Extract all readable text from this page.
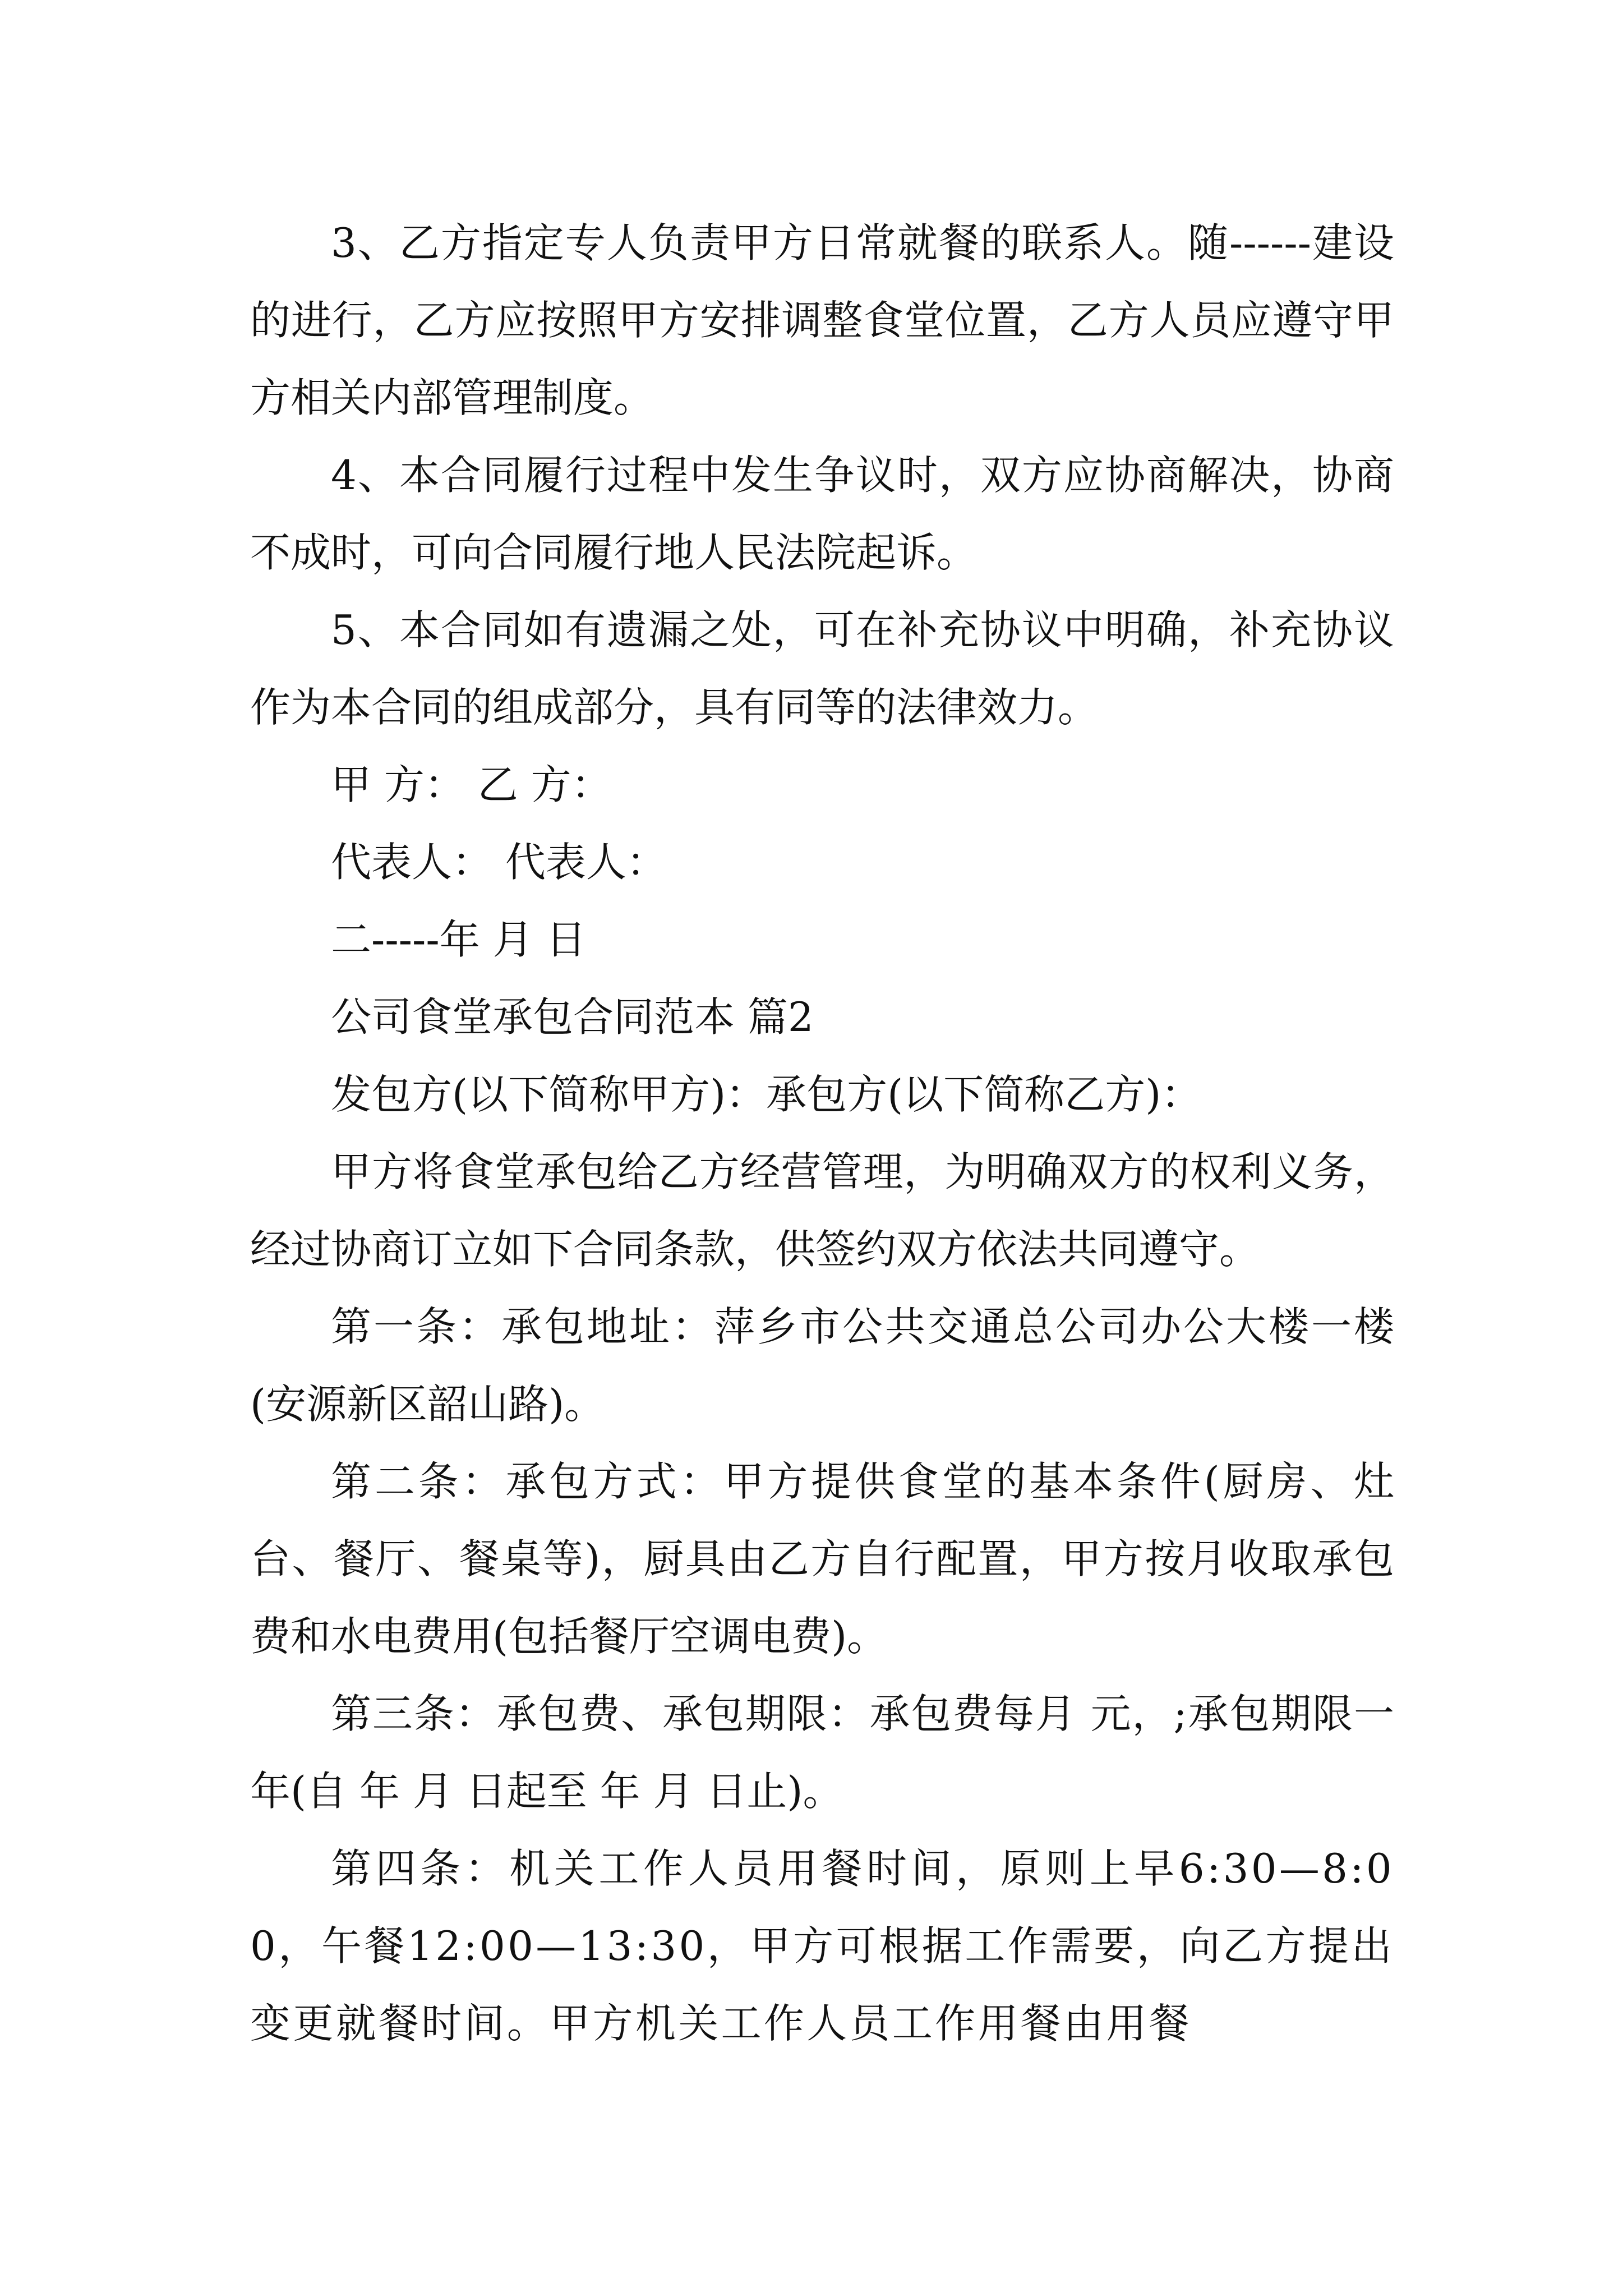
3、乙方指定专人负责甲方日常就餐的联系人。随------建设的进行，乙方应按照甲方安排调整食堂位置，乙方人员应遵守甲方相关内部管理制度。

4、本合同履行过程中发生争议时，双方应协商解决，协商不成时，可向合同履行地人民法院起诉。

5、本合同如有遗漏之处，可在补充协议中明确，补充协议作为本合同的组成部分，具有同等的法律效力。

甲 方： 乙 方：

代表人： 代表人：

二-----年 月 日

公司食堂承包合同范本 篇2

发包方(以下简称甲方)：承包方(以下简称乙方)：

甲方将食堂承包给乙方经营管理，为明确双方的权利义务，经过协商订立如下合同条款，供签约双方依法共同遵守。

第一条：承包地址：萍乡市公共交通总公司办公大楼一楼(安源新区韶山路)。

第二条：承包方式：甲方提供食堂的基本条件(厨房、灶台、餐厅、餐桌等)，厨具由乙方自行配置，甲方按月收取承包费和水电费用(包括餐厅空调电费)。

第三条：承包费、承包期限：承包费每月 元，;承包期限一年(自 年 月 日起至 年 月 日止)。

第四条：机关工作人员用餐时间，原则上早6:30—8:00，午餐12:00—13:30，甲方可根据工作需要，向乙方提出变更就餐时间。甲方机关工作人员工作用餐由用餐
